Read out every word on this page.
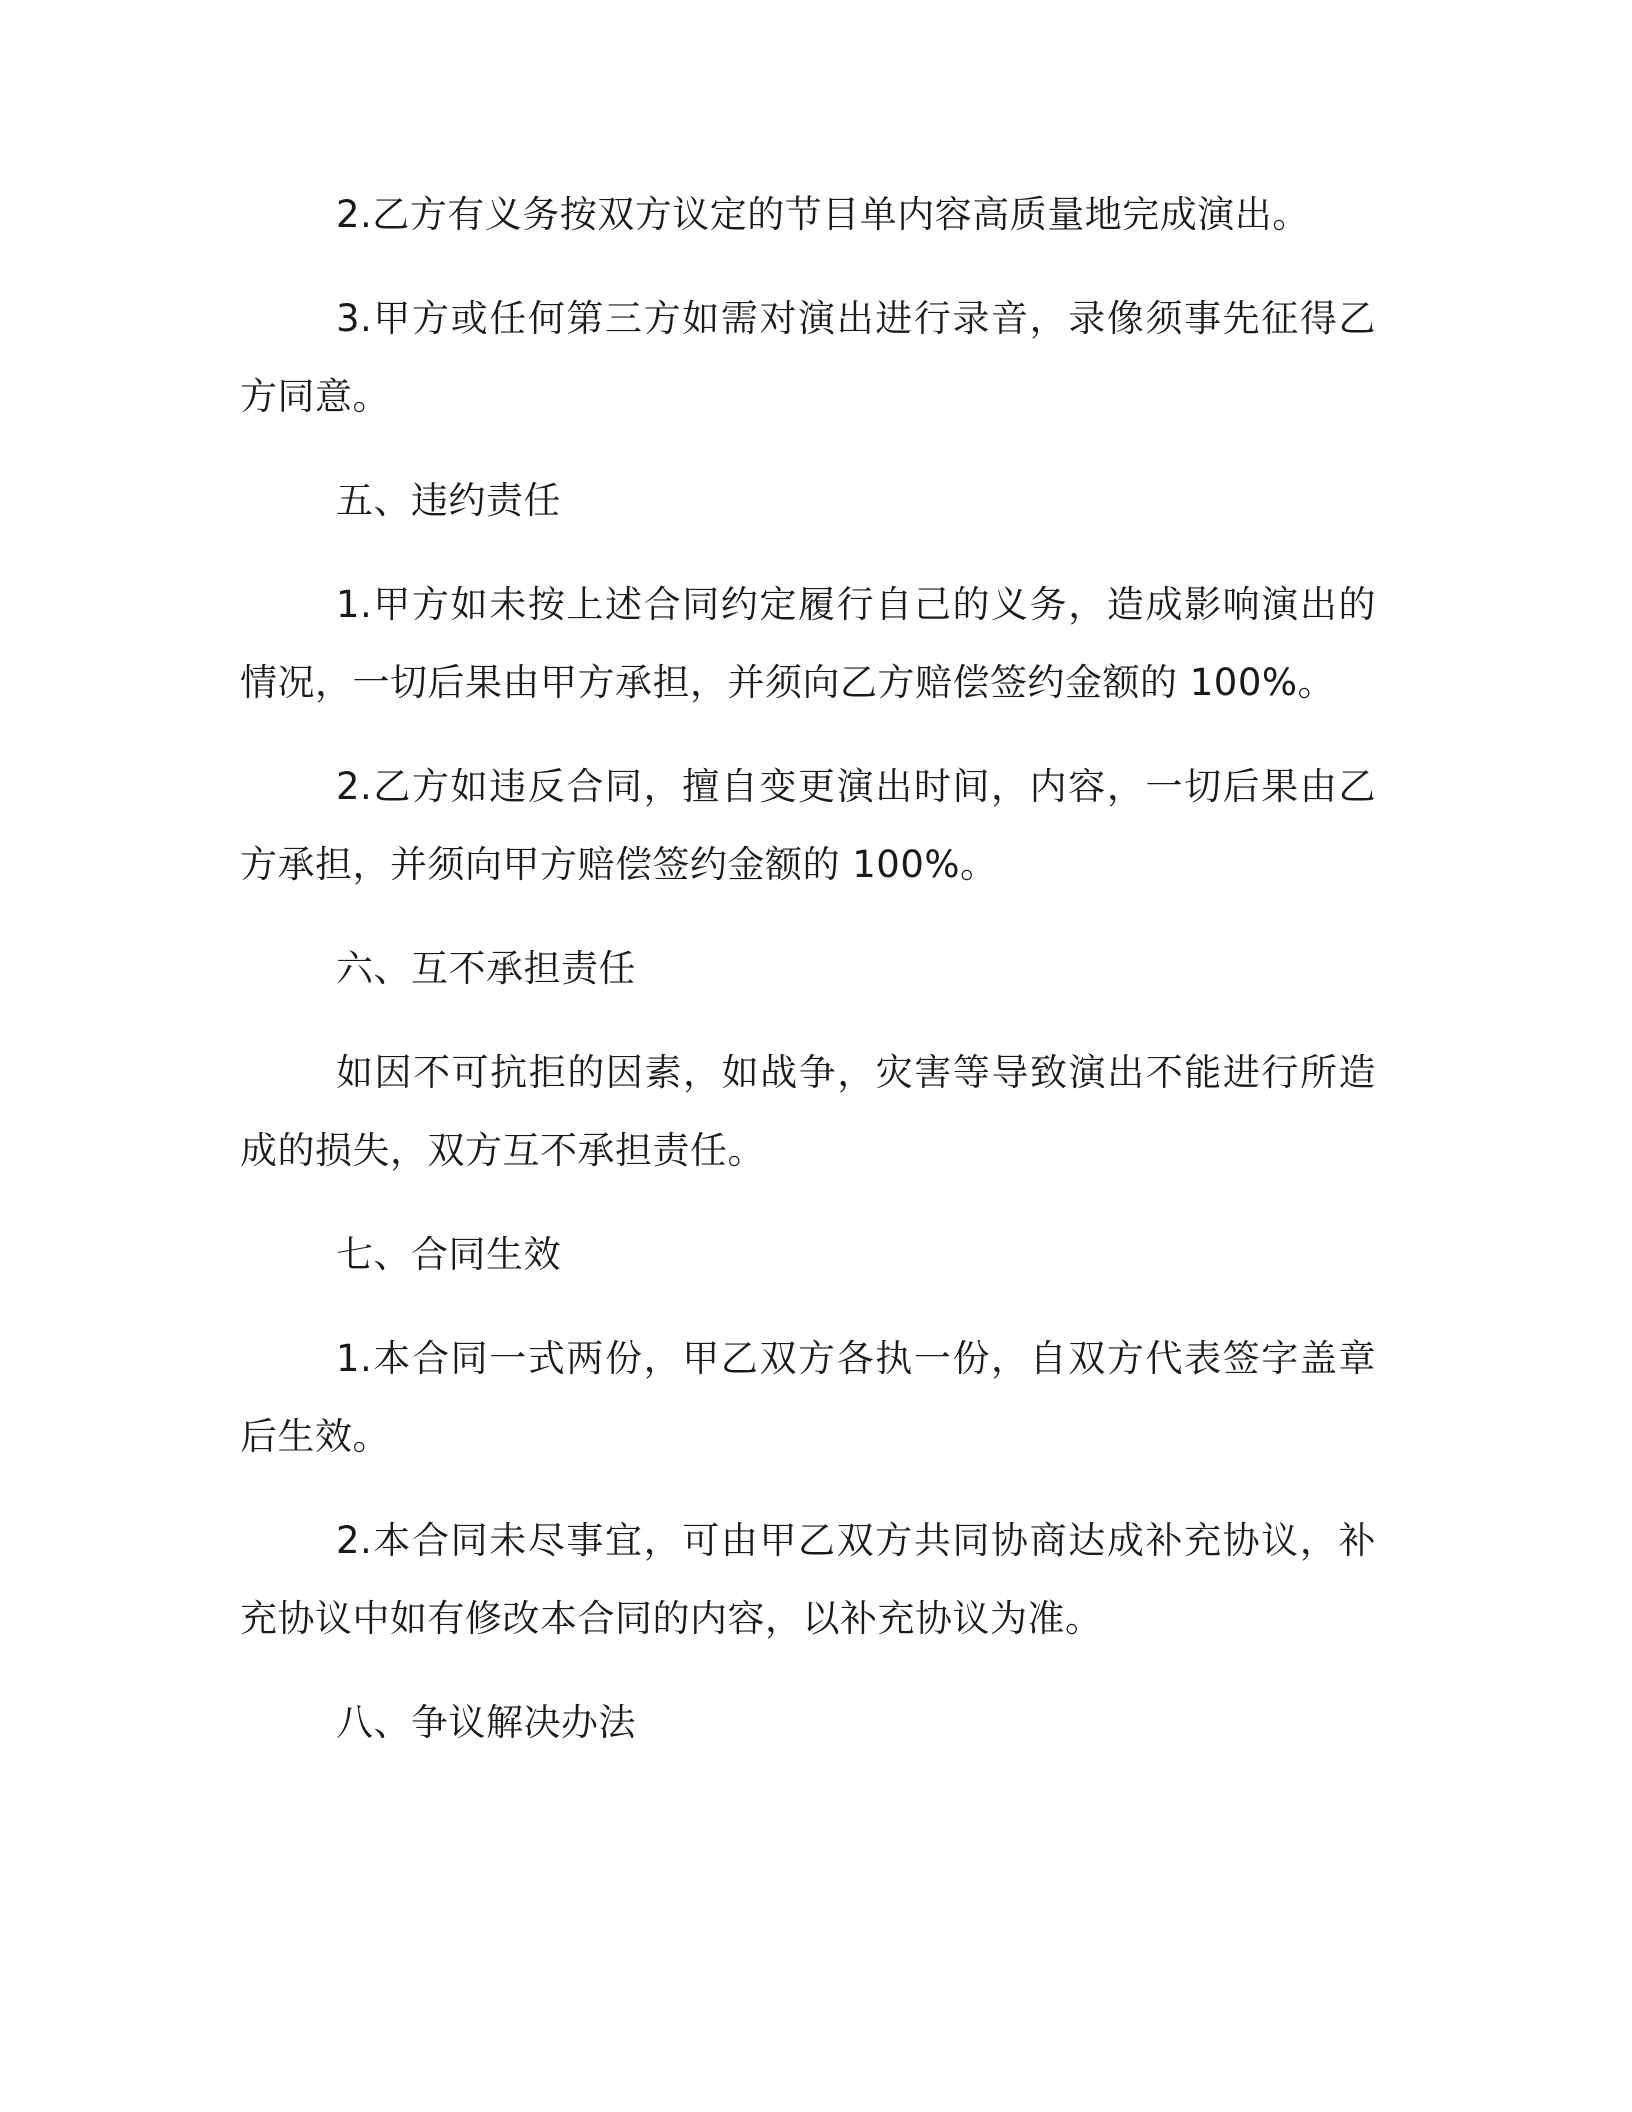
2.乙方有义务按双方议定的节目单内容高质量地完成演出。

3.甲方或任何第三方如需对演出进行录音，录像须事先征得乙方同意。

五、违约责任

1.甲方如未按上述合同约定履行自己的义务，造成影响演出的情况，一切后果由甲方承担，并须向乙方赔偿签约金额的 100%。

2.乙方如违反合同，擅自变更演出时间，内容，一切后果由乙方承担，并须向甲方赔偿签约金额的 100%。

六、互不承担责任

如因不可抗拒的因素，如战争，灾害等导致演出不能进行所造成的损失，双方互不承担责任。

七、合同生效

1.本合同一式两份，甲乙双方各执一份，自双方代表签字盖章后生效。

2.本合同未尽事宜，可由甲乙双方共同协商达成补充协议，补充协议中如有修改本合同的内容，以补充协议为准。

八、争议解决办法
